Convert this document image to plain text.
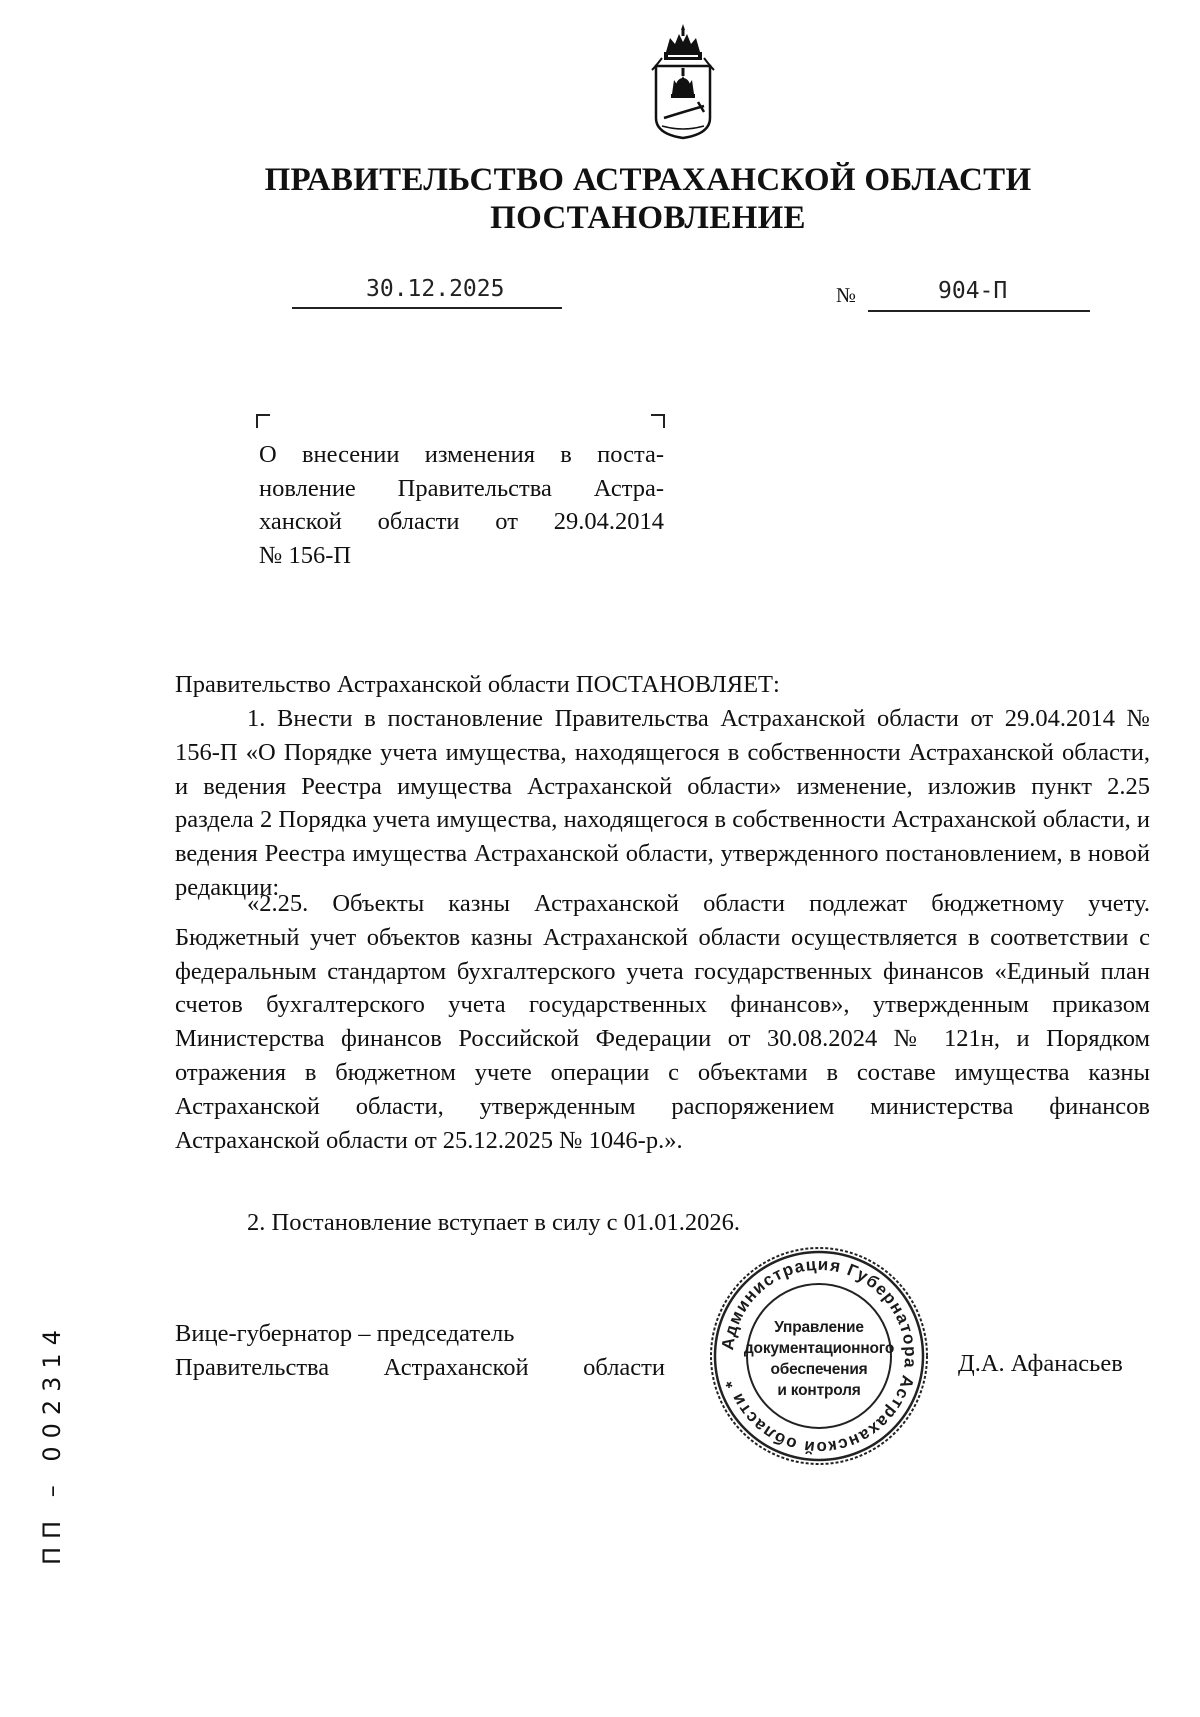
ПРАВИТЕЛЬСТВО АСТРАХАНСКОЙ ОБЛАСТИ
ПОСТАНОВЛЕНИЕ
30.12.2025	№	904-П
О внесении изменения в поста-
новление Правительства Астра-
ханской области от 29.04.2014
№ 156-П
Правительство Астраханской области ПОСТАНОВЛЯЕТ:
1. Внести в постановление Правительства Астраханской области от 29.04.2014 № 156-П «О Порядке учета имущества, находящегося в собственности Астраханской области, и ведения Реестра имущества Астраханской области» изменение, изложив пункт 2.25 раздела 2 Порядка учета имущества, находящегося в собственности Астраханской области, и ведения Реестра имущества Астраханской области, утвержденного постановлением, в новой редакции:
«2.25. Объекты казны Астраханской области подлежат бюджетному учету. Бюджетный учет объектов казны Астраханской области осуществляется в соответствии с федеральным стандартом бухгалтерского учета государственных финансов «Единый план счетов бухгалтерского учета государственных финансов», утвержденным приказом Министерства финансов Российской Федерации от 30.08.2024 № 121н, и Порядком отражения в бюджетном учете операции с объектами в составе имущества казны Астраханской области, утвержденным распоряжением министерства финансов Астраханской области от 25.12.2025 № 1046-р.».
2. Постановление вступает в силу с 01.01.2026.
Вице-губернатор – председатель
Правительства Астраханской области	Д.А. Афанасьев
Администрация Губернатора Астраханской области *
Управление
документационного
обеспечения
и контроля
ПП – 002314
